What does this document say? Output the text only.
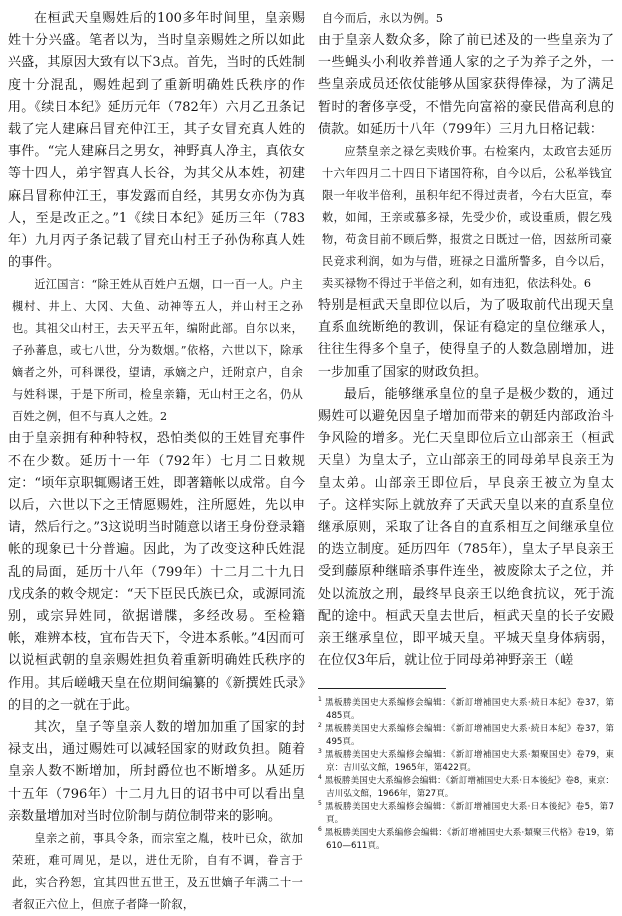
在桓武天皇赐姓后的100多年时间里，皇亲赐姓十分兴盛。笔者以为，当时皇亲赐姓之所以如此兴盛，其原因大致有以下3点。首先，当时的氏姓制度十分混乱，赐姓起到了重新明确姓氏秩序的作用。《续日本纪》延历元年（782年）六月乙丑条记载了完人建麻吕冒充仲江王，其子女冒充真人姓的事件。“完人建麻吕之男女，神野真人净主，真依女等十四人，弟宇智真人长谷，为其父从本姓，初建麻吕冒称仲江王，事发露而自经，其男女亦伪为真人，至是改正之。”1《续日本纪》延历三年（783年）九月丙子条记载了冒充山村王子孙伪称真人姓的事件。

近江国言：“除王姓从百姓户五烟，口一百一人。户主槻村、井上、大冈、大鱼、动神等五人，并山村王之孙也。其祖父山村王，去天平五年，编附此部。自尔以来，子孙蕃息，或七八世，分为数烟。”依格，六世以下，除承嫡者之外，可科课役，望请，承嫡之户，迁附京户，自余与姓科课，于是下所司，检皇亲籍，无山村王之名，仍从百姓之例，但不与真人之姓。2

由于皇亲拥有种种特权，恐怕类似的王姓冒充事件不在少数。延历十一年（792年）七月二日敕规定：“顷年京职辄赐诸王姓，即著籍帐以成常。自今以后，六世以下之王情愿赐姓，注所愿姓，先以申请，然后行之。”3这说明当时随意以诸王身份登录籍帐的现象已十分普遍。因此，为了改变这种氏姓混乱的局面，延历十八年（799年）十二月二十九日戊戌条的敕令规定：“天下臣民氏族已众，或源同流别，或宗异姓同，欲据谱牒，多经改易。至检籍帐，难辨本枝，宜布告天下，令进本系帐。”4因而可以说桓武朝的皇亲赐姓担负着重新明确姓氏秩序的作用。其后嵯峨天皇在位期间编纂的《新撰姓氏录》的目的之一就在于此。

其次，皇子等皇亲人数的增加加重了国家的封禄支出，通过赐姓可以减轻国家的财政负担。随着皇亲人数不断增加，所封爵位也不断增多。从延历十五年（796年）十二月九日的诏书中可以看出皇亲数量增加对当时位阶制与荫位制带来的影响。

皇亲之前，事具令条，而宗室之胤，枝叶已众，欲加荣班，难可周见，是以，进仕无阶，自有不调，眷言于此，实合矜恕，宜其四世五世王，及五世嫡子年满二十一者叙正六位上，但庶子者降一阶叙，

自今而后，永以为例。5

由于皇亲人数众多，除了前已述及的一些皇亲为了一些蝇头小利收养普通人家的之子为养子之外，一些皇亲成员还依仗能够从国家获得俸禄，为了满足暂时的奢侈享受，不惜先向富裕的豪民借高利息的债款。如延历十八年（799年）三月九日格记载：

应禁皇亲之禄乞卖贱价事。右检案内，太政官去延历十六年四月二十四日下诸国符称，自今以后，公私举钱宜限一年收半倍利，虽积年纪不得过责者，今右大臣宣，奉敕，如闻，王亲或慕多禄，先受少价，或设重质，假乞残物，苟贪目前不顾后弊，报赏之日既过一倍，因兹所司豪民竞求利润，如为与借，班禄之日滥所警多，自今以后，卖买禄物不得过于半倍之利，如有违犯，依法科处。6

特别是桓武天皇即位以后，为了吸取前代出现天皇直系血统断绝的教训，保证有稳定的皇位继承人，往往生得多个皇子，使得皇子的人数急剧增加，进一步加重了国家的财政负担。

最后，能够继承皇位的皇子是极少数的，通过赐姓可以避免因皇子增加而带来的朝廷内部政治斗争风险的增多。光仁天皇即位后立山部亲王（桓武天皇）为皇太子，立山部亲王的同母弟早良亲王为皇太弟。山部亲王即位后，早良亲王被立为皇太子。这样实际上就放弃了天武天皇以来的直系皇位继承原则，采取了让各自的直系相互之间继承皇位的迭立制度。延历四年（785年），皇太子早良亲王受到藤原种继暗杀事件连坐，被废除太子之位，并处以流放之刑，最终早良亲王以绝食抗议，死于流配的途中。桓武天皇去世后，桓武天皇的长子安殿亲王继承皇位，即平城天皇。平城天皇身体病弱，在位仅3年后，就让位于同母弟神野亲王（嵯

$^1$ 黑板勝美国史大系编修会编辑：《新訂增補国史大系·続日本紀》卷37，第485頁。

$^2$ 黑板勝美国史大系编修会编辑：《新訂增補国史大系·続日本紀》卷37，第495頁。

$^3$ 黑板勝美国史大系编修会编辑：《新訂增補国史大系·類聚国史》卷79，東京：吉川弘文館，1965年，第422頁。

$^4$ 黑板勝美国史大系编修会编辑：《新訂增補国史大系·日本後紀》卷8，東京：吉川弘文館，1966年，第27頁。

$^5$ 黑板勝美国史大系编修会编辑：《新訂增補国史大系·日本後紀》卷5，第7頁。

$^6$ 黑板勝美国史大系编修会编辑：《新訂增補国史大系·類聚三代格》卷19，第610—611頁。
